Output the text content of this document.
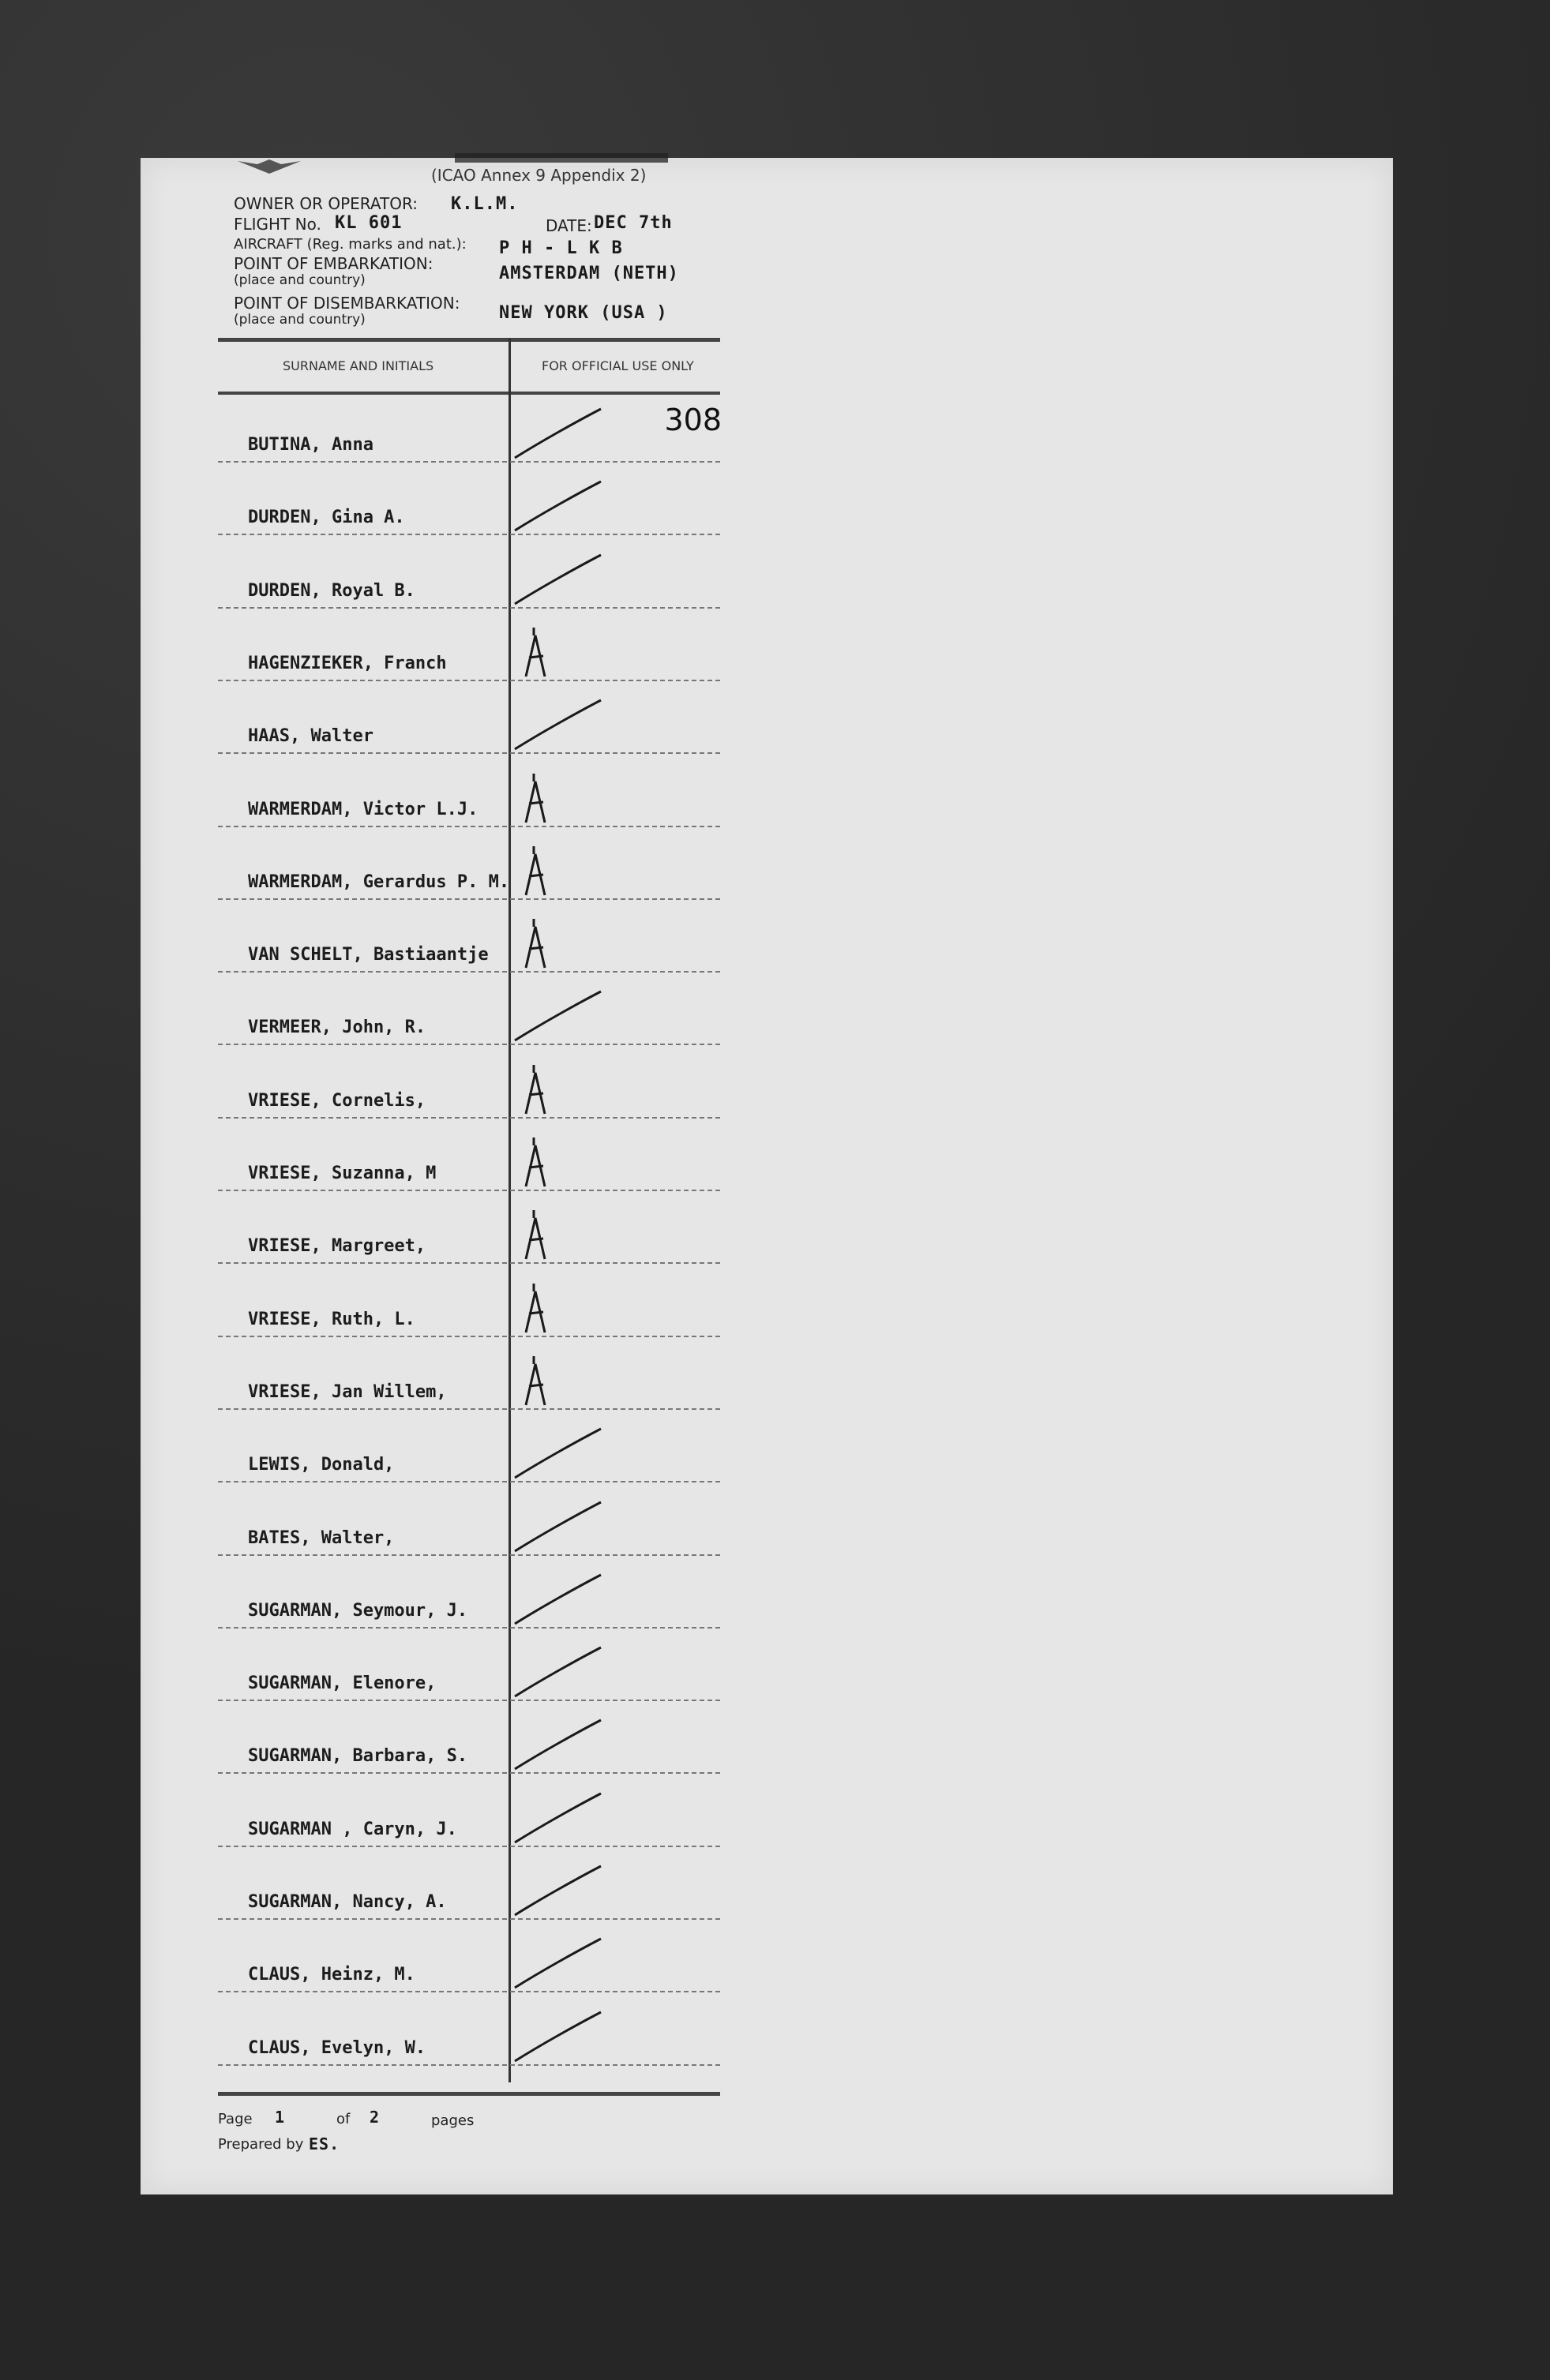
(ICAO Annex 9 Appendix 2)
OWNER OR OPERATOR: K.L.M.
FLIGHT No. KL 601	DATE: DEC 7th
AIRCRAFT (Reg. marks and nat.): P H - L K B
POINT OF EMBARKATION:
(place and country)	AMSTERDAM (NETH)
POINT OF DISEMBARKATION:
(place and country)	NEW YORK (USA )
SURNAME AND INITIALS	FOR OFFICIAL USE ONLY
308
BUTINA, Anna
DURDEN, Gina A.
DURDEN, Royal B.
HAGENZIEKER, Franch
HAAS, Walter
WARMERDAM, Victor L.J.
WARMERDAM, Gerardus P. M.
VAN SCHELT, Bastiaantje
VERMEER, John, R.
VRIESE, Cornelis,
VRIESE, Suzanna, M
VRIESE, Margreet,
VRIESE, Ruth, L.
VRIESE, Jan Willem,
LEWIS, Donald,
BATES, Walter,
SUGARMAN, Seymour, J.
SUGARMAN, Elenore,
SUGARMAN, Barbara, S.
SUGARMAN , Caryn, J.
SUGARMAN, Nancy, A.
CLAUS, Heinz, M.
CLAUS, Evelyn, W.
Page 1	of 2	pages
Prepared by ES.
